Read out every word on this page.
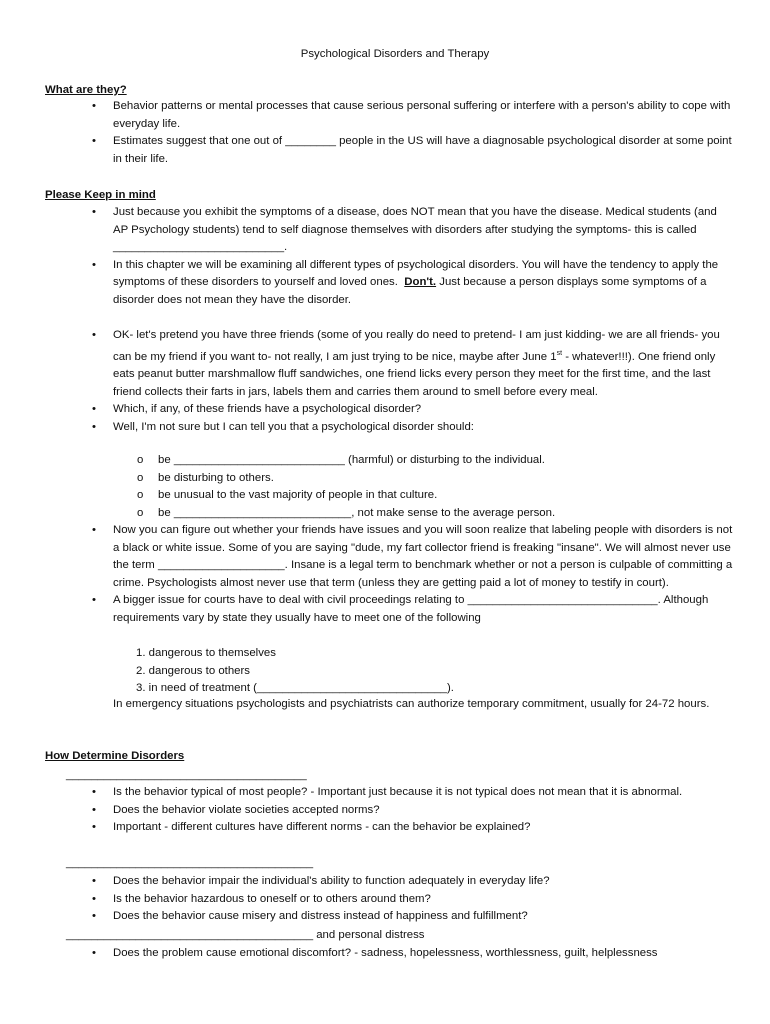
Psychological Disorders and Therapy
What are they?

• Behavior patterns or mental processes that cause serious personal suffering or interfere with a person's ability to cope with everyday life.

• Estimates suggest that one out of ________ people in the US will have a diagnosable psychological disorder at some point in their life.

Please Keep in mind

• Just because you exhibit the symptoms of a disease, does NOT mean that you have the disease. Medical students (and AP Psychology students) tend to self diagnose themselves with disorders after studying the symptoms- this is called ___________________________.

• In this chapter we will be examining all different types of psychological disorders. You will have the tendency to apply the symptoms of these disorders to yourself and loved ones. Don't. Just because a person displays some symptoms of a disorder does not mean they have the disorder.

• OK- let's pretend you have three friends (some of you really do need to pretend- I am just kidding- we are all friends- you can be my friend if you want to- not really, I am just trying to be nice, maybe after June 1st - whatever!!!). One friend only eats peanut butter marshmallow fluff sandwiches, one friend licks every person they meet for the first time, and the last friend collects their farts in jars, labels them and carries them around to smell before every meal.

• Which, if any, of these friends have a psychological disorder?

• Well, I'm not sure but I can tell you that a psychological disorder should:

o be ___________________________ (harmful) or disturbing to the individual.

o be disturbing to others.

o be unusual to the vast majority of people in that culture.

o be ____________________________, not make sense to the average person.

• Now you can figure out whether your friends have issues and you will soon realize that labeling people with disorders is not a black or white issue. Some of you are saying "dude, my fart collector friend is freaking "insane". We will almost never use the term ____________________. Insane is a legal term to benchmark whether or not a person is culpable of committing a crime. Psychologists almost never use that term (unless they are getting paid a lot of money to testify in court).

• A bigger issue for courts have to deal with civil proceedings relating to ______________________________. Although requirements vary by state they usually have to meet one of the following

1. dangerous to themselves

2. dangerous to others

3. in need of treatment (______________________________).

In emergency situations psychologists and psychiatrists can authorize temporary commitment, usually for 24-72 hours.

How Determine Disorders
______________________________________

• Is the behavior typical of most people? - Important just because it is not typical does not mean that it is abnormal.

• Does the behavior violate societies accepted norms?

• Important - different cultures have different norms - can the behavior be explained?

_______________________________________

• Does the behavior impair the individual's ability to function adequately in everyday life?

• Is the behavior hazardous to oneself or to others around them?

• Does the behavior cause misery and distress instead of happiness and fulfillment?

_______________________________________ and personal distress

• Does the problem cause emotional discomfort? - sadness, hopelessness, worthlessness, guilt, helplessness
